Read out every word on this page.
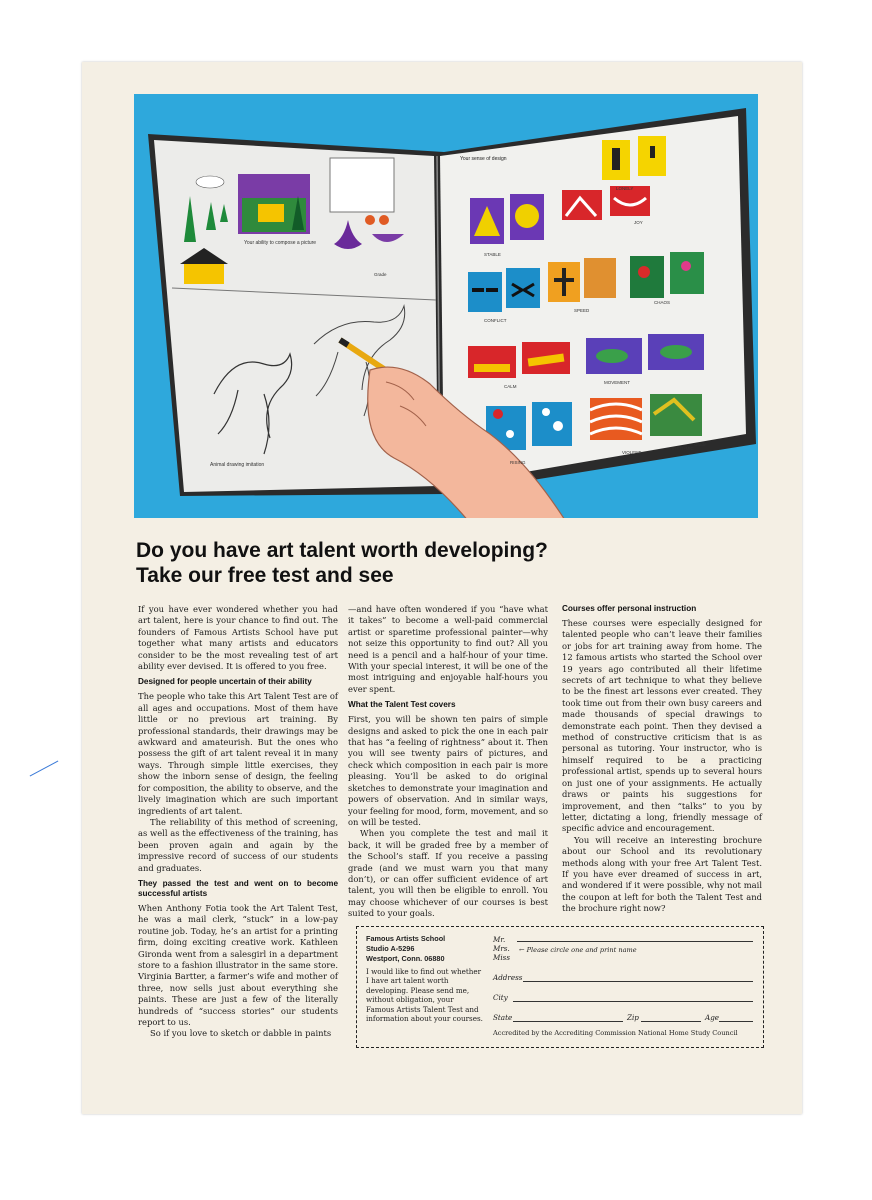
Your ability to compose a picture
Grade
Animal drawing imitation
Your sense of design
LONELY
STABLE
JOY
CONFLICT
SPEED
CHAOS
CALM
MOVEMENT
RISING
VIOLENT
RHYTHMIC
Grade
Do you have art talent worth developing?
Take our free test and see

If you have ever wondered whether you had art talent, here is your chance to find out. The founders of Famous Artists School have put together what many artists and educators consider to be the most revealing test of art ability ever devised. It is offered to you free.

Designed for people uncertain of their ability

The people who take this Art Talent Test are of all ages and occupations. Most of them have little or no previous art training. By professional standards, their drawings may be awkward and amateurish. But the ones who possess the gift of art talent reveal it in many ways. Through simple little exercises, they show the inborn sense of design, the feeling for composition, the ability to observe, and the lively imagination which are such important ingredients of art talent.

The reliability of this method of screening, as well as the effectiveness of the training, has been proven again and again by the impressive record of success of our students and graduates.

They passed the test and went on to become successful artists

When Anthony Fotia took the Art Talent Test, he was a mail clerk, “stuck” in a low-pay routine job. Today, he’s an artist for a printing firm, doing exciting creative work. Kathleen Gironda went from a salesgirl in a department store to a fashion illustrator in the same store. Virginia Bartter, a farmer’s wife and mother of three, now sells just about everything she paints. These are just a few of the literally hundreds of “success stories” our students report to us.

So if you love to sketch or dabble in paints

—and have often wondered if you “have what it takes” to become a well-paid commercial artist or sparetime professional painter—why not seize this opportunity to find out? All you need is a pencil and a half-hour of your time. With your special interest, it will be one of the most intriguing and enjoyable half-hours you ever spent.

What the Talent Test covers

First, you will be shown ten pairs of simple designs and asked to pick the one in each pair that has “a feeling of rightness” about it. Then you will see twenty pairs of pictures, and check which composition in each pair is more pleasing. You’ll be asked to do original sketches to demonstrate your imagination and powers of observation. And in similar ways, your feeling for mood, form, movement, and so on will be tested.

When you complete the test and mail it back, it will be graded free by a member of the School’s staff. If you receive a passing grade (and we must warn you that many don’t), or can offer sufficient evidence of art talent, you will then be eligible to enroll. You may choose whichever of our courses is best suited to your goals.

Courses offer personal instruction

These courses were especially designed for talented people who can’t leave their families or jobs for art training away from home. The 12 famous artists who started the School over 19 years ago contributed all their lifetime secrets of art technique to what they believe to be the finest art lessons ever created. They took time out from their own busy careers and made thousands of special drawings to demonstrate each point. Then they devised a method of constructive criticism that is as personal as tutoring. Your instructor, who is himself required to be a practicing professional artist, spends up to several hours on just one of your assignments. He actually draws or paints his suggestions for improvement, and then “talks” to you by letter, dictating a long, friendly message of specific advice and encouragement.

You will receive an interesting brochure about our School and its revolutionary methods along with your free Art Talent Test. If you have ever dreamed of success in art, and wondered if it were possible, why not mail the coupon at left for both the Talent Test and the brochure right now?

Famous Artists School
Studio A-5296
Westport, Conn. 06880
I would like to find out whether I have art talent worth developing. Please send me, without obligation, your Famous Artists Talent Test and information about your courses.
Mr.
Mrs.
Miss
← Please circle one and print name
Address
City
State	Zip	Age
Accredited by the Accrediting Commission National Home Study Council
